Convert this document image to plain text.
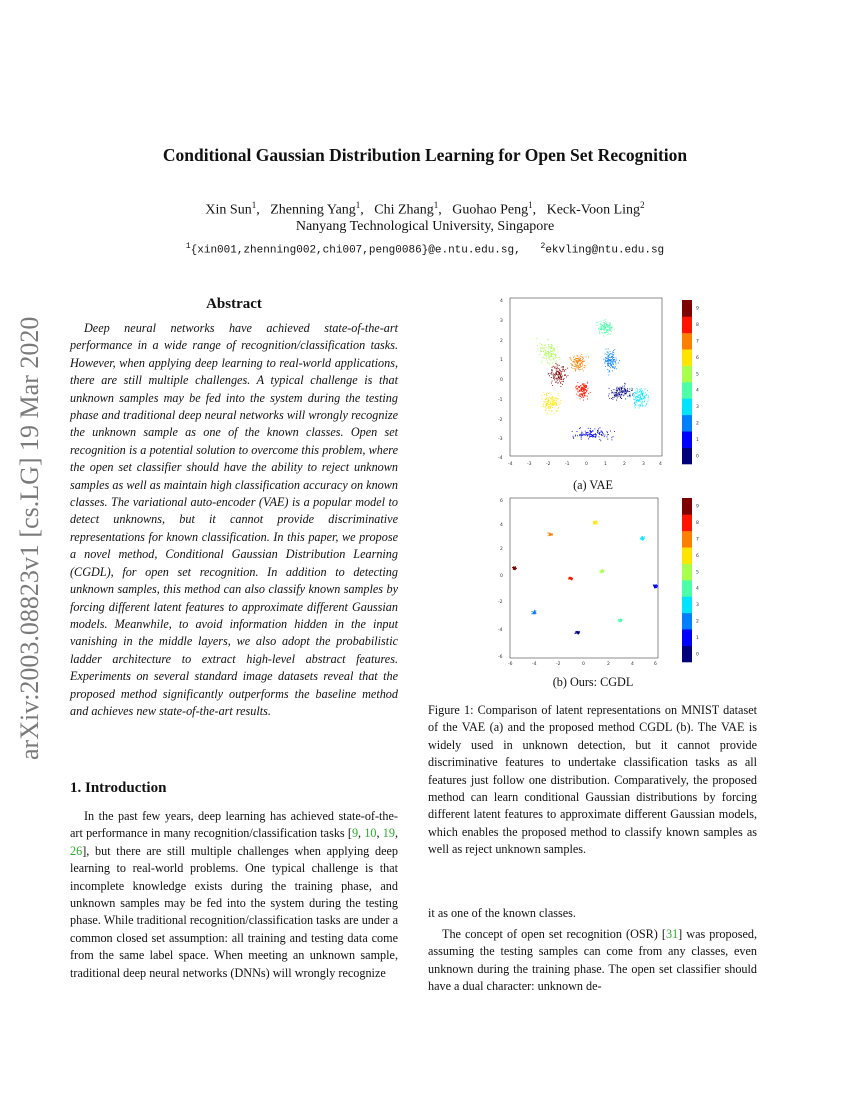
arXiv:2003.08823v1 [cs.LG] 19 Mar 2020
Conditional Gaussian Distribution Learning for Open Set Recognition
Xin Sun$^1$,   Zhenning Yang$^1$,   Chi Zhang$^1$,   Guohao Peng$^1$,   Keck-Voon Ling$^2$
Nanyang Technological University, Singapore
$^1${xin001,zhenning002,chi007,peng0086}@e.ntu.edu.sg, $^2$ekvling@ntu.edu.sg
Abstract
Deep neural networks have achieved state-of-the-art performance in a wide range of recognition/classification tasks. However, when applying deep learning to real-world applications, there are still multiple challenges. A typical challenge is that unknown samples may be fed into the system during the testing phase and traditional deep neural networks will wrongly recognize the unknown sample as one of the known classes. Open set recognition is a potential solution to overcome this problem, where the open set classifier should have the ability to reject unknown samples as well as maintain high classification accuracy on known classes. The variational auto-encoder (VAE) is a popular model to detect unknowns, but it cannot provide discriminative representations for known classification. In this paper, we propose a novel method, Conditional Gaussian Distribution Learning (CGDL), for open set recognition. In addition to detecting unknown samples, this method can also classify known samples by forcing different latent features to approximate different Gaussian models. Meanwhile, to avoid information hidden in the input vanishing in the middle layers, we also adopt the probabilistic ladder architecture to extract high-level abstract features. Experiments on several standard image datasets reveal that the proposed method significantly outperforms the baseline method and achieves new state-of-the-art results.
1. Introduction
In the past few years, deep learning has achieved state-of-the-art performance in many recognition/classification tasks [9, 10, 19, 26], but there are still multiple challenges when applying deep learning to real-world problems. One typical challenge is that incomplete knowledge exists during the training phase, and unknown samples may be fed into the system during the testing phase. While traditional recognition/classification tasks are under a common closed set assumption: all training and testing data come from the same label space. When meeting an unknown sample, traditional deep neural networks (DNNs) will wrongly recognize
4
3
2
1
0
-1
-2
-3
-4
-4	-3	-2	-1	0	1	2	3	4
0
1
2
3
4
5
6
7
8
9
(a) VAE
6
4
2
0
-2
-4
-6
-6	-4	-2	0	2	4	6
0
1
2
3
4
5
6
7
8
9
(b) Ours: CGDL
Figure 1: Comparison of latent representations on MNIST dataset of the VAE (a) and the proposed method CGDL (b). The VAE is widely used in unknown detection, but it cannot provide discriminative features to undertake classification tasks as all features just follow one distribution. Comparatively, the proposed method can learn conditional Gaussian distributions by forcing different latent features to approximate different Gaussian models, which enables the proposed method to classify known samples as well as reject unknown samples.
it as one of the known classes.
The concept of open set recognition (OSR) [31] was proposed, assuming the testing samples can come from any classes, even unknown during the training phase. The open set classifier should have a dual character: unknown de-
